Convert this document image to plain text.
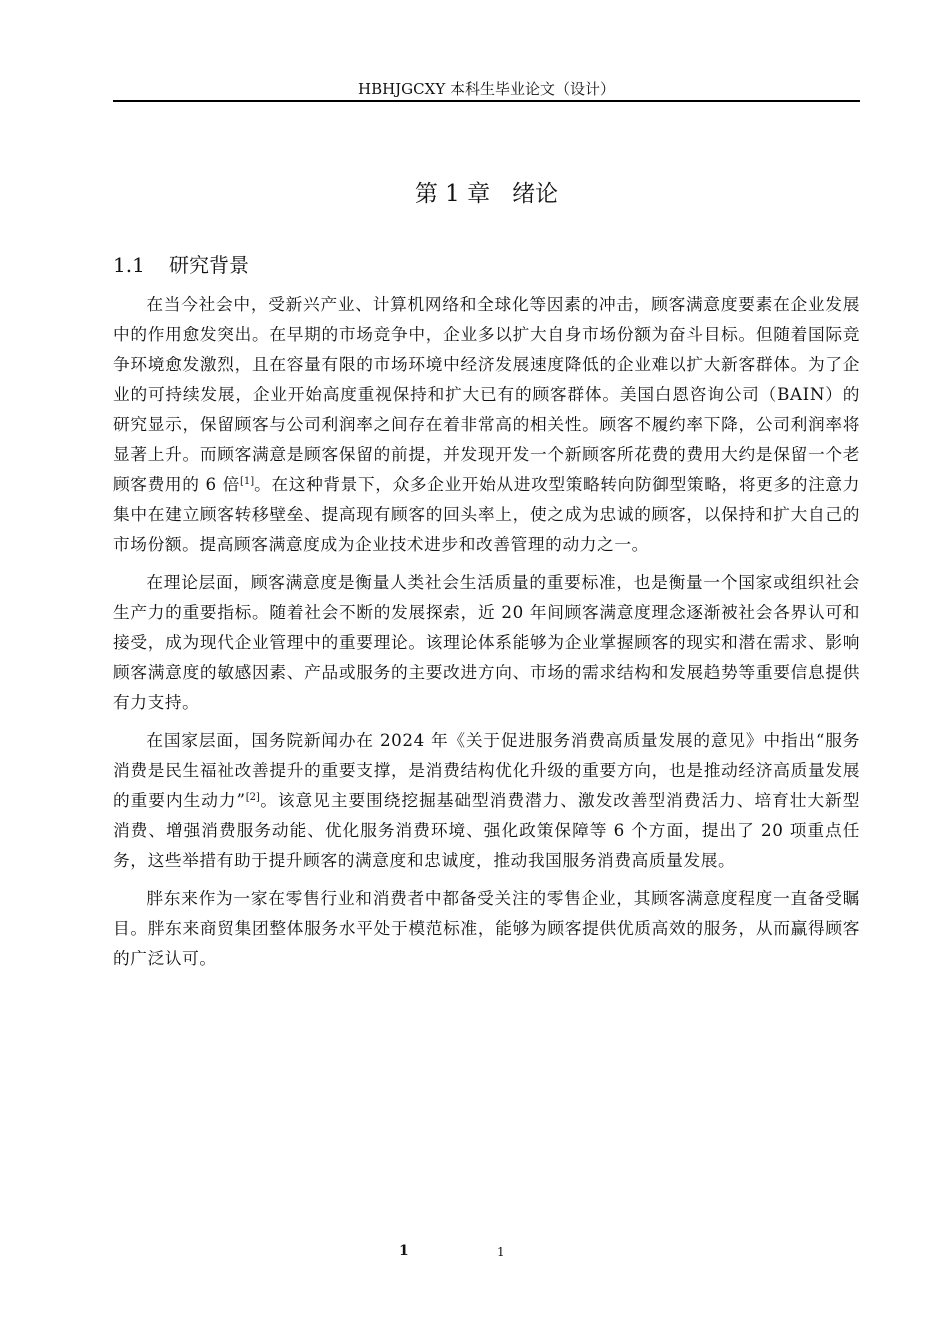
HBHJGCXY 本科生毕业论文（设计）
第 1 章 绪论
1.1 研究背景

在当今社会中，受新兴产业、计算机网络和全球化等因素的冲击，顾客满意度要素在企业发展中的作用愈发突出。在早期的市场竞争中，企业多以扩大自身市场份额为奋斗目标。但随着国际竞争环境愈发激烈，且在容量有限的市场环境中经济发展速度降低的企业难以扩大新客群体。为了企业的可持续发展，企业开始高度重视保持和扩大已有的顾客群体。美国白恩咨询公司（BAIN）的研究显示，保留顾客与公司利润率之间存在着非常高的相关性。顾客不履约率下降，公司利润率将显著上升。而顾客满意是顾客保留的前提，并发现开发一个新顾客所花费的费用大约是保留一个老顾客费用的 6 倍[1]。在这种背景下，众多企业开始从进攻型策略转向防御型策略，将更多的注意力集中在建立顾客转移壁垒、提高现有顾客的回头率上，使之成为忠诚的顾客，以保持和扩大自己的市场份额。提高顾客满意度成为企业技术进步和改善管理的动力之一。

在理论层面，顾客满意度是衡量人类社会生活质量的重要标准，也是衡量一个国家或组织社会生产力的重要指标。随着社会不断的发展探索，近 20 年间顾客满意度理念逐渐被社会各界认可和接受，成为现代企业管理中的重要理论。该理论体系能够为企业掌握顾客的现实和潜在需求、影响顾客满意度的敏感因素、产品或服务的主要改进方向、市场的需求结构和发展趋势等重要信息提供有力支持。

在国家层面，国务院新闻办在 2024 年《关于促进服务消费高质量发展的意见》中指出“服务消费是民生福祉改善提升的重要支撑，是消费结构优化升级的重要方向，也是推动经济高质量发展的重要内生动力”[2]。该意见主要围绕挖掘基础型消费潜力、激发改善型消费活力、培育壮大新型消费、增强消费服务动能、优化服务消费环境、强化政策保障等 6 个方面，提出了 20 项重点任务，这些举措有助于提升顾客的满意度和忠诚度，推动我国服务消费高质量发展。

胖东来作为一家在零售行业和消费者中都备受关注的零售企业，其顾客满意度程度一直备受瞩目。胖东来商贸集团整体服务水平处于模范标准，能够为顾客提供优质高效的服务，从而赢得顾客的广泛认可。

1	1
